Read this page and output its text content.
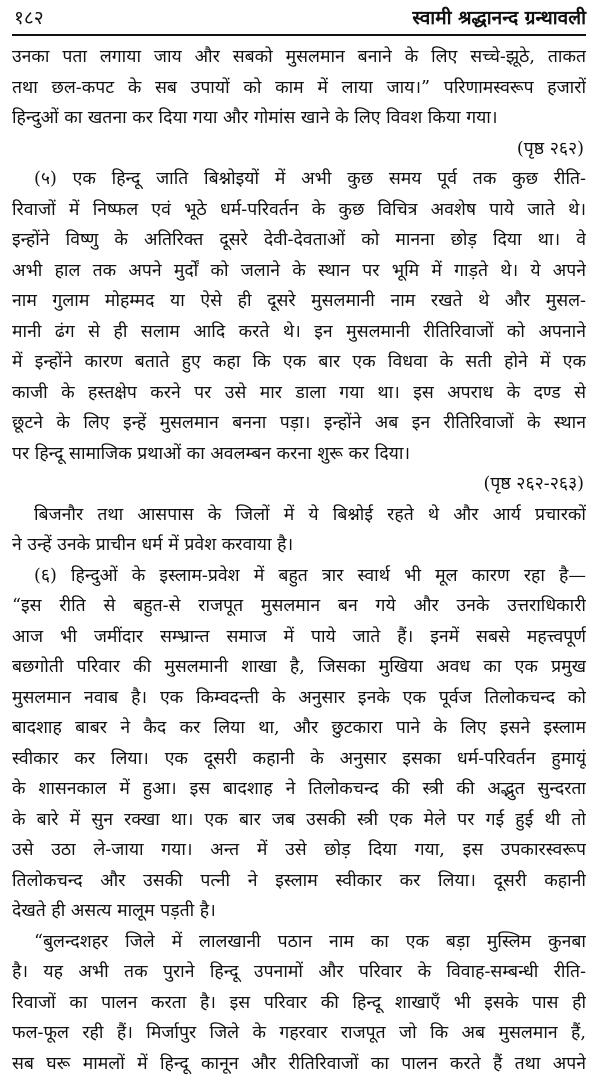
१८२	स्वामी श्रद्धानन्द ग्रन्थावली
उनका पता लगाया जाय और सबको मुसलमान बनाने के लिए सच्चे-झूठे, ताकत
तथा छल-कपट के सब उपायों को काम में लाया जाय।” परिणामस्वरूप हजारों
हिन्दुओं का खतना कर दिया गया और गोमांस खाने के लिए विवश किया गया।
(पृष्ठ २६२)
(५) एक हिन्दू जाति बिश्नोइयों में अभी कुछ समय पूर्व तक कुछ रीति-
रिवाजों में निष्फल एवं भूठे धर्म-परिवर्तन के कुछ विचित्र अवशेष पाये जाते थे।
इन्होंने विष्णु के अतिरिक्त दूसरे देवी-देवताओं को मानना छोड़ दिया था। वे
अभी हाल तक अपने मुर्दों को जलाने के स्थान पर भूमि में गाड़ते थे। ये अपने
नाम गुलाम मोहम्मद या ऐसे ही दूसरे मुसलमानी नाम रखते थे और मुसल-
मानी ढंग से ही सलाम आदि करते थे। इन मुसलमानी रीतिरिवाजों को अपनाने
में इन्होंने कारण बताते हुए कहा कि एक बार एक विधवा के सती होने में एक
काजी के हस्तक्षेप करने पर उसे मार डाला गया था। इस अपराध के दण्ड से
छूटने के लिए इन्हें मुसलमान बनना पड़ा। इन्होंने अब इन रीतिरिवाजों के स्थान
पर हिन्दू सामाजिक प्रथाओं का अवलम्बन करना शुरू कर दिया।
(पृष्ठ २६२-२६३)
बिजनौर तथा आसपास के जिलों में ये बिश्नोई रहते थे और आर्य प्रचारकों
ने उन्हें उनके प्राचीन धर्म में प्रवेश करवाया है।
(६) हिन्दुओं के इस्लाम-प्रवेश में बहुत त्रार स्वार्थ भी मूल कारण रहा है—
“इस रीति से बहुत-से राजपूत मुसलमान बन गये और उनके उत्तराधिकारी
आज भी जमींदार सम्भ्रान्त समाज में पाये जाते हैं। इनमें सबसे महत्त्वपूर्ण
बछगोती परिवार की मुसलमानी शाखा है, जिसका मुखिया अवध का एक प्रमुख
मुसलमान नवाब है। एक किम्वदन्ती के अनुसार इनके एक पूर्वज तिलोकचन्द को
बादशाह बाबर ने कैद कर लिया था, और छुटकारा पाने के लिए इसने इस्लाम
स्वीकार कर लिया। एक दूसरी कहानी के अनुसार इसका धर्म-परिवर्तन हुमायूं
के शासनकाल में हुआ। इस बादशाह ने तिलोकचन्द की स्त्री की अद्भुत सुन्दरता
के बारे में सुन रक्खा था। एक बार जब उसकी स्त्री एक मेले पर गई हुई थी तो
उसे उठा ले-जाया गया। अन्त में उसे छोड़ दिया गया, इस उपकारस्वरूप
तिलोकचन्द और उसकी पत्नी ने इस्लाम स्वीकार कर लिया। दूसरी कहानी
देखते ही असत्य मालूम पड़ती है।
“बुलन्दशहर जिले में लालखानी पठान नाम का एक बड़ा मुस्लिम कुनबा
है। यह अभी तक पुराने हिन्दू उपनामों और परिवार के विवाह-सम्बन्धी रीति-
रिवाजों का पालन करता है। इस परिवार की हिन्दू शाखाएँ भी इसके पास ही
फल-फूल रही हैं। मिर्जापुर जिले के गहरवार राजपूत जो कि अब मुसलमान हैं,
सब घरू मामलों में हिन्दू कानून और रीतिरिवाजों का पालन करते हैं तथा अपने
